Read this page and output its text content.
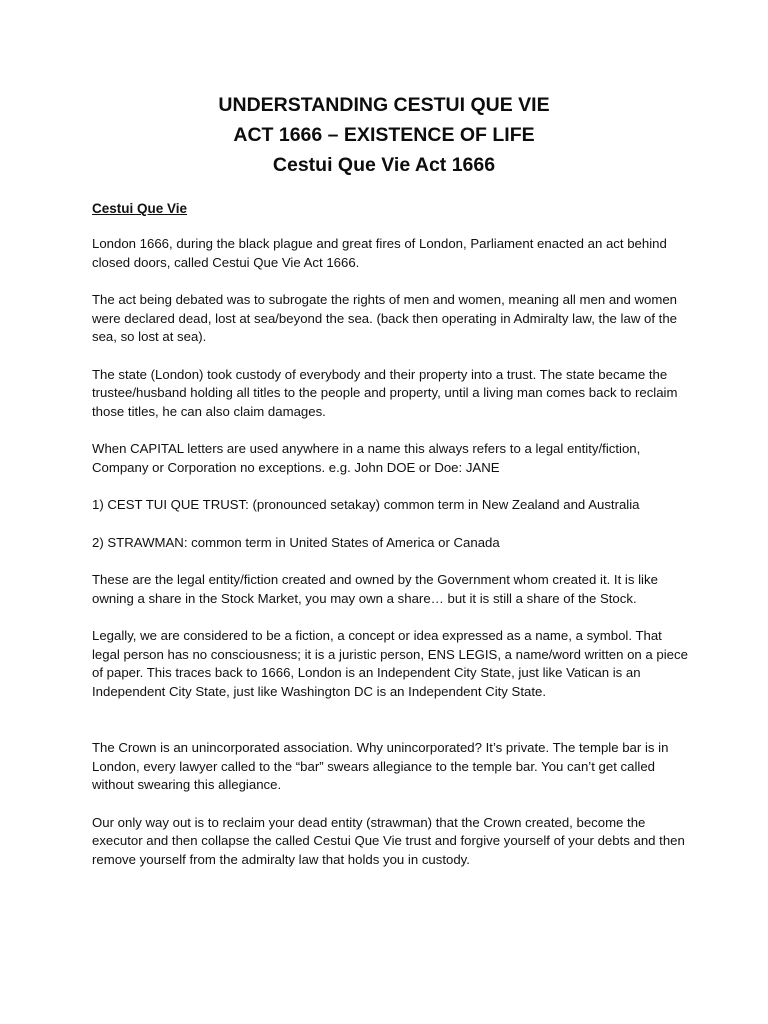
UNDERSTANDING CESTUI QUE VIE
ACT 1666 – EXISTENCE OF LIFE
Cestui Que Vie Act 1666
Cestui Que Vie

London 1666, during the black plague and great fires of London, Parliament enacted an act behind closed doors, called Cestui Que Vie Act 1666.

The act being debated was to subrogate the rights of men and women, meaning all men and women were declared dead, lost at sea/beyond the sea. (back then operating in Admiralty law, the law of the sea, so lost at sea).

The state (London) took custody of everybody and their property into a trust. The state became the trustee/husband holding all titles to the people and property, until a living man comes back to reclaim those titles, he can also claim damages.

When CAPITAL letters are used anywhere in a name this always refers to a legal entity/fiction, Company or Corporation no exceptions. e.g. John DOE or Doe: JANE

1) CEST TUI QUE TRUST: (pronounced setakay) common term in New Zealand and Australia

2) STRAWMAN: common term in United States of America or Canada

These are the legal entity/fiction created and owned by the Government whom created it. It is like owning a share in the Stock Market, you may own a share… but it is still a share of the Stock.

Legally, we are considered to be a fiction, a concept or idea expressed as a name, a symbol. That legal person has no consciousness; it is a juristic person, ENS LEGIS, a name/word written on a piece of paper. This traces back to 1666, London is an Independent City State, just like Vatican is an Independent City State, just like Washington DC is an Independent City State.

The Crown is an unincorporated association. Why unincorporated? It’s private. The temple bar is in London, every lawyer called to the “bar” swears allegiance to the temple bar. You can’t get called without swearing this allegiance.

Our only way out is to reclaim your dead entity (strawman) that the Crown created, become the executor and then collapse the called Cestui Que Vie trust and forgive yourself of your debts and then remove yourself from the admiralty law that holds you in custody.
